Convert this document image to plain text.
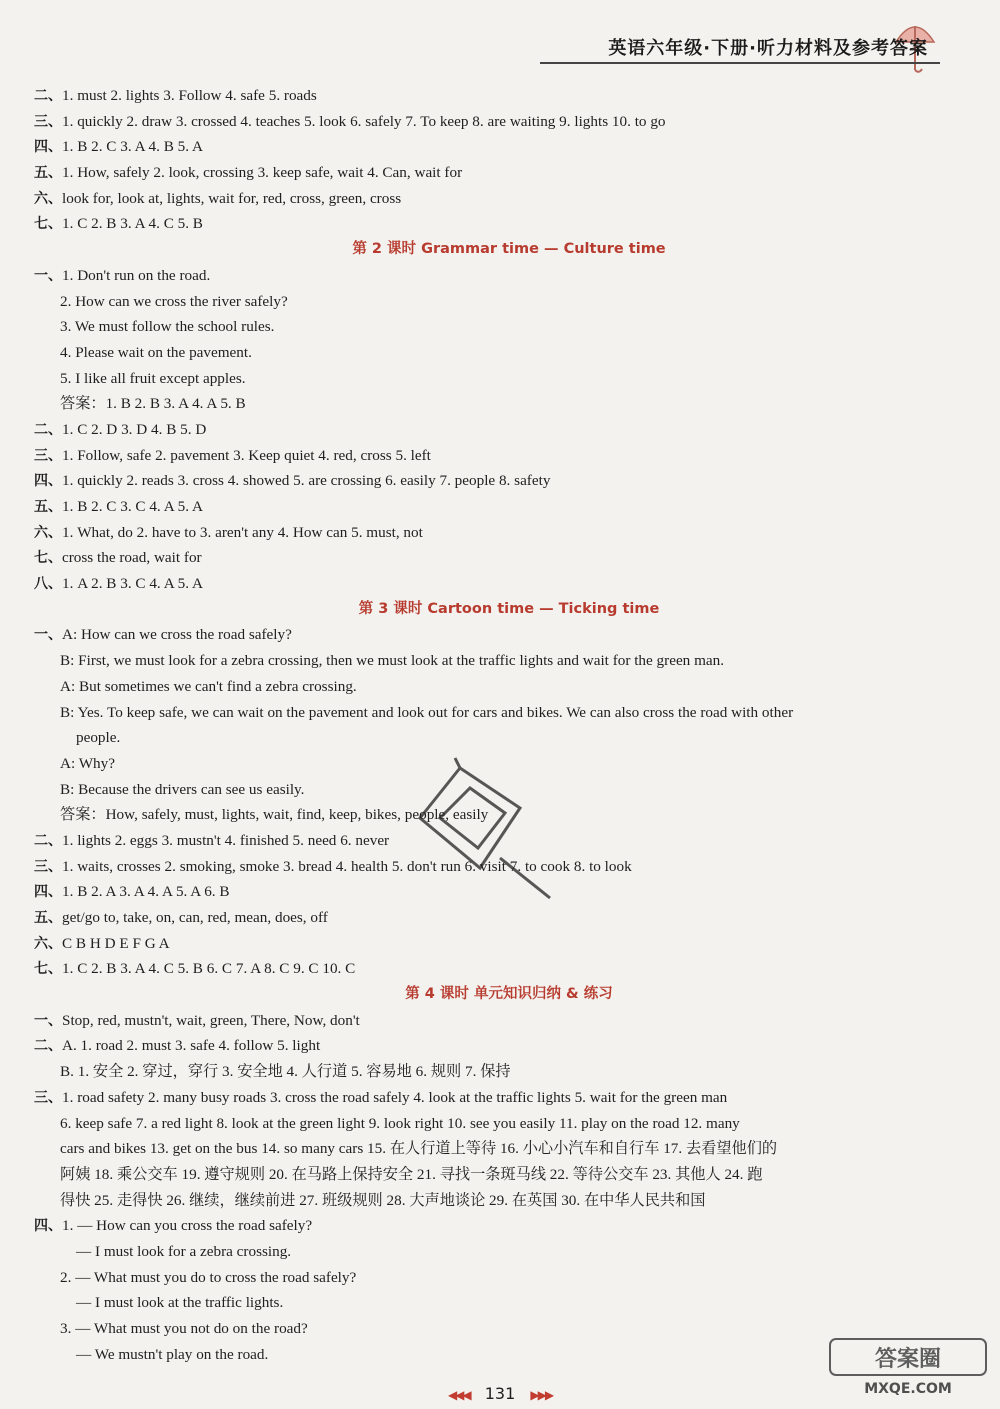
英语六年级·下册·听力材料及参考答案
二、1. must 2. lights 3. Follow 4. safe 5. roads
三、1. quickly 2. draw 3. crossed 4. teaches 5. look 6. safely 7. To keep 8. are waiting 9. lights 10. to go
四、1. B 2. C 3. A 4. B 5. A
五、1. How, safely 2. look, crossing 3. keep safe, wait 4. Can, wait for
六、look for, look at, lights, wait for, red, cross, green, cross
七、1. C 2. B 3. A 4. C 5. B
第 2 课时 Grammar time — Culture time
一、1. Don't run on the road.
2. How can we cross the river safely?
3. We must follow the school rules.
4. Please wait on the pavement.
5. I like all fruit except apples.
答案：1. B 2. B 3. A 4. A 5. B
二、1. C 2. D 3. D 4. B 5. D
三、1. Follow, safe 2. pavement 3. Keep quiet 4. red, cross 5. left
四、1. quickly 2. reads 3. cross 4. showed 5. are crossing 6. easily 7. people 8. safety
五、1. B 2. C 3. C 4. A 5. A
六、1. What, do 2. have to 3. aren't any 4. How can 5. must, not
七、cross the road, wait for
八、1. A 2. B 3. C 4. A 5. A
第 3 课时 Cartoon time — Ticking time
一、A: How can we cross the road safely?
B: First, we must look for a zebra crossing, then we must look at the traffic lights and wait for the green man.
A: But sometimes we can't find a zebra crossing.
B: Yes. To keep safe, we can wait on the pavement and look out for cars and bikes. We can also cross the road with other
people.
A: Why?
B: Because the drivers can see us easily.
答案：How, safely, must, lights, wait, find, keep, bikes, people, easily
二、1. lights 2. eggs 3. mustn't 4. finished 5. need 6. never
三、1. waits, crosses 2. smoking, smoke 3. bread 4. health 5. don't run 6. visit 7. to cook 8. to look
四、1. B 2. A 3. A 4. A 5. A 6. B
五、get/go to, take, on, can, red, mean, does, off
六、C B H D E F G A
七、1. C 2. B 3. A 4. C 5. B 6. C 7. A 8. C 9. C 10. C
第 4 课时 单元知识归纳 & 练习
一、Stop, red, mustn't, wait, green, There, Now, don't
二、A. 1. road 2. must 3. safe 4. follow 5. light
B. 1. 安全 2. 穿过，穿行 3. 安全地 4. 人行道 5. 容易地 6. 规则 7. 保持
三、1. road safety 2. many busy roads 3. cross the road safely 4. look at the traffic lights 5. wait for the green man
6. keep safe 7. a red light 8. look at the green light 9. look right 10. see you easily 11. play on the road 12. many
cars and bikes 13. get on the bus 14. so many cars 15. 在人行道上等待 16. 小心小汽车和自行车 17. 去看望他们的
阿姨 18. 乘公交车 19. 遵守规则 20. 在马路上保持安全 21. 寻找一条斑马线 22. 等待公交车 23. 其他人 24. 跑
得快 25. 走得快 26. 继续，继续前进 27. 班级规则 28. 大声地谈论 29. 在英国 30. 在中华人民共和国
四、1. — How can you cross the road safely?
— I must look for a zebra crossing.
2. — What must you do to cross the road safely?
— I must look at the traffic lights.
3. — What must you not do on the road?
— We mustn't play on the road.	答案圈
MXQE.COM
◀◀◀ 131 ▶▶▶
